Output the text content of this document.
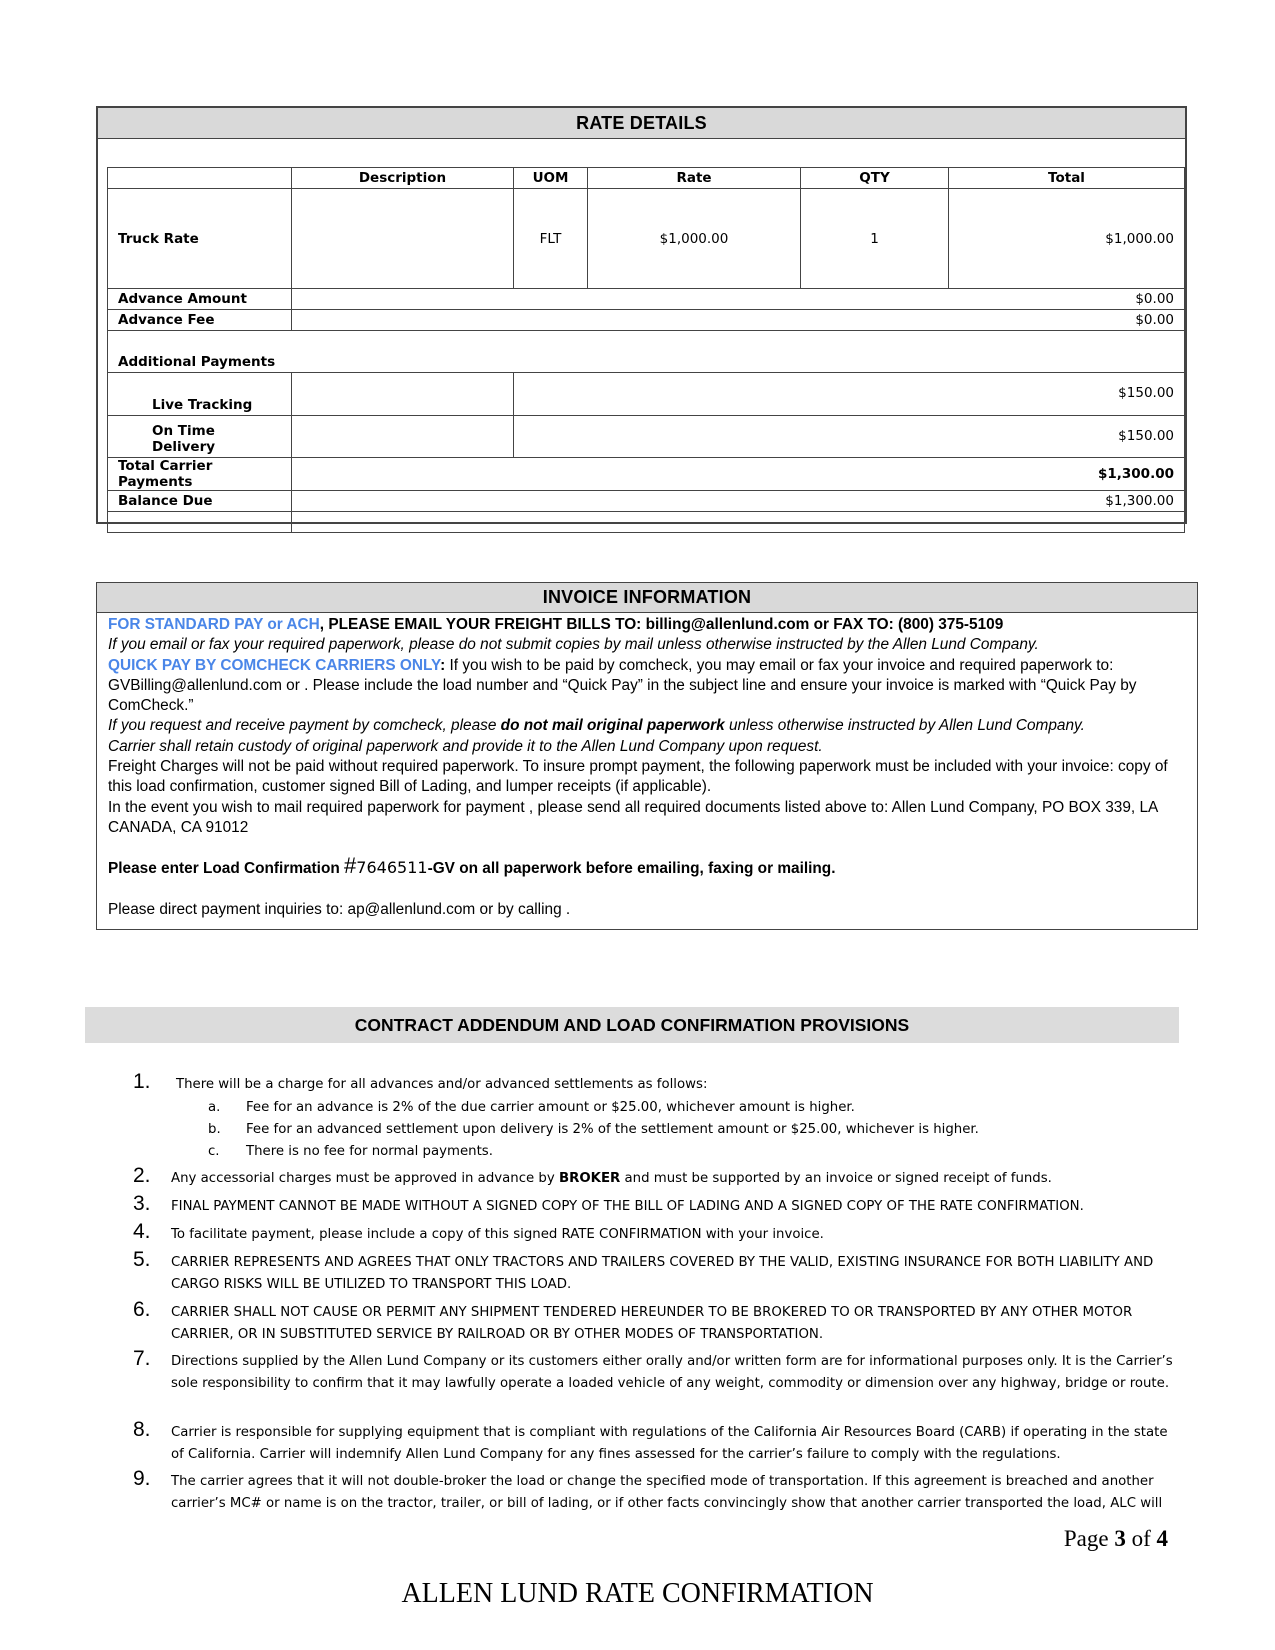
RATE DETAILS
	Description	UOM	Rate	QTY	Total
Truck Rate		FLT	$1,000.00	1	$1,000.00
Advance Amount	$0.00				
Advance Fee	$0.00				
Additional Payments					
Live Tracking		$150.00			
On Time Delivery		$150.00			
Total Carrier Payments	$1,300.00				
Balance Due	$1,300.00				

INVOICE INFORMATION
FOR STANDARD PAY or ACH, PLEASE EMAIL YOUR FREIGHT BILLS TO: billing@allenlund.com or FAX TO: (800) 375-5109
If you email or fax your required paperwork, please do not submit copies by mail unless otherwise instructed by the Allen Lund Company.
QUICK PAY BY COMCHECK CARRIERS ONLY: If you wish to be paid by comcheck, you may email or fax your invoice and required paperwork to: GVBilling@allenlund.com or . Please include the load number and “Quick Pay” in the subject line and ensure your invoice is marked with “Quick Pay by ComCheck.”
If you request and receive payment by comcheck, please do not mail original paperwork unless otherwise instructed by Allen Lund Company.
Carrier shall retain custody of original paperwork and provide it to the Allen Lund Company upon request.
Freight Charges will not be paid without required paperwork. To insure prompt payment, the following paperwork must be included with your invoice: copy of this load confirmation, customer signed Bill of Lading, and lumper receipts (if applicable).
In the event you wish to mail required paperwork for payment , please send all required documents listed above to: Allen Lund Company, PO BOX 339, LA CANADA, CA 91012
Please enter Load Confirmation #7646511-GV on all paperwork before emailing, faxing or mailing.
Please direct payment inquiries to: ap@allenlund.com or by calling .
CONTRACT ADDENDUM AND LOAD CONFIRMATION PROVISIONS
1.	There will be a charge for all advances and/or advanced settlements as follows:
a. Fee for an advance is 2% of the due carrier amount or $25.00, whichever amount is higher.
b. Fee for an advanced settlement upon delivery is 2% of the settlement amount or $25.00, whichever is higher.
c. There is no fee for normal payments.
2.	Any accessorial charges must be approved in advance by BROKER and must be supported by an invoice or signed receipt of funds.
3.	FINAL PAYMENT CANNOT BE MADE WITHOUT A SIGNED COPY OF THE BILL OF LADING AND A SIGNED COPY OF THE RATE CONFIRMATION.
4.	To facilitate payment, please include a copy of this signed RATE CONFIRMATION with your invoice.
5.	CARRIER REPRESENTS AND AGREES THAT ONLY TRACTORS AND TRAILERS COVERED BY THE VALID, EXISTING INSURANCE FOR BOTH LIABILITY AND CARGO RISKS WILL BE UTILIZED TO TRANSPORT THIS LOAD.
6.	CARRIER SHALL NOT CAUSE OR PERMIT ANY SHIPMENT TENDERED HEREUNDER TO BE BROKERED TO OR TRANSPORTED BY ANY OTHER MOTOR CARRIER, OR IN SUBSTITUTED SERVICE BY RAILROAD OR BY OTHER MODES OF TRANSPORTATION.
7.	Directions supplied by the Allen Lund Company or its customers either orally and/or written form are for informational purposes only. It is the Carrier’s sole responsibility to confirm that it may lawfully operate a loaded vehicle of any weight, commodity or dimension over any highway, bridge or route.
8.	Carrier is responsible for supplying equipment that is compliant with regulations of the California Air Resources Board (CARB) if operating in the state of California. Carrier will indemnify Allen Lund Company for any fines assessed for the carrier’s failure to comply with the regulations.
9.	The carrier agrees that it will not double-broker the load or change the specified mode of transportation. If this agreement is breached and another carrier’s MC# or name is on the tractor, trailer, or bill of lading, or if other facts convincingly show that another carrier transported the load, ALC will
Page 3 of 4
ALLEN LUND RATE CONFIRMATION
